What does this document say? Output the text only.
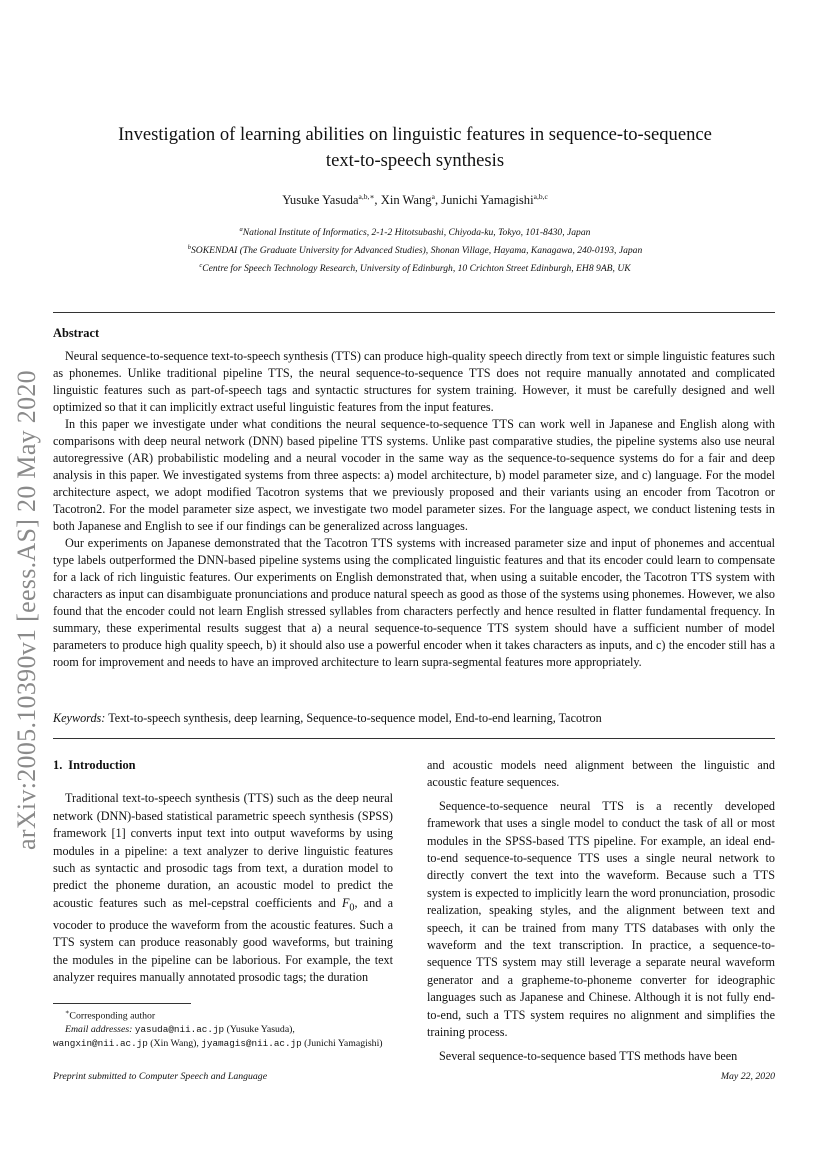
arXiv:2005.10390v1 [eess.AS] 20 May 2020
Investigation of learning abilities on linguistic features in sequence-to-sequence
text-to-speech synthesis
Yusuke Yasuda$^{a,b,∗}$, Xin Wang$^a$, Junichi Yamagishi$^{a,b,c}$
$^a$National Institute of Informatics, 2-1-2 Hitotsubashi, Chiyoda-ku, Tokyo, 101-8430, Japan
$^b$SOKENDAI (The Graduate University for Advanced Studies), Shonan Village, Hayama, Kanagawa, 240-0193, Japan
$^c$Centre for Speech Technology Research, University of Edinburgh, 10 Crichton Street Edinburgh, EH8 9AB, UK
Abstract

Neural sequence-to-sequence text-to-speech synthesis (TTS) can produce high-quality speech directly from text or simple linguistic features such as phonemes. Unlike traditional pipeline TTS, the neural sequence-to-sequence TTS does not require manually annotated and complicated linguistic features such as part-of-speech tags and syntactic structures for system training. However, it must be carefully designed and well optimized so that it can implicitly extract useful linguistic features from the input features.

In this paper we investigate under what conditions the neural sequence-to-sequence TTS can work well in Japanese and English along with comparisons with deep neural network (DNN) based pipeline TTS systems. Unlike past comparative studies, the pipeline systems also use neural autoregressive (AR) probabilistic modeling and a neural vocoder in the same way as the sequence-to-sequence systems do for a fair and deep analysis in this paper. We investigated systems from three aspects: a) model architecture, b) model parameter size, and c) language. For the model architecture aspect, we adopt modified Tacotron systems that we previously proposed and their variants using an encoder from Tacotron or Tacotron2. For the model parameter size aspect, we investigate two model parameter sizes. For the language aspect, we conduct listening tests in both Japanese and English to see if our findings can be generalized across languages.

Our experiments on Japanese demonstrated that the Tacotron TTS systems with increased parameter size and input of phonemes and accentual type labels outperformed the DNN-based pipeline systems using the complicated linguistic features and that its encoder could learn to compensate for a lack of rich linguistic features. Our experiments on English demonstrated that, when using a suitable encoder, the Tacotron TTS system with characters as input can disambiguate pronunciations and produce natural speech as good as those of the systems using phonemes. However, we also found that the encoder could not learn English stressed syllables from characters perfectly and hence resulted in flatter fundamental frequency. In summary, these experimental results suggest that a) a neural sequence-to-sequence TTS system should have a sufficient number of model parameters to produce high quality speech, b) it should also use a powerful encoder when it takes characters as inputs, and c) the encoder still has a room for improvement and needs to have an improved architecture to learn supra-segmental features more appropriately.

Keywords: Text-to-speech synthesis, deep learning, Sequence-to-sequence model, End-to-end learning, Tacotron
1. Introduction

Traditional text-to-speech synthesis (TTS) such as the deep neural network (DNN)-based statistical parametric speech synthesis (SPSS) framework [1] converts input text into output waveforms by using modules in a pipeline: a text analyzer to derive linguistic features such as syntactic and prosodic tags from text, a duration model to predict the phoneme duration, an acoustic model to predict the acoustic features such as mel-cepstral coefficients and $F_0$, and a vocoder to produce the waveform from the acoustic features. Such a TTS system can produce reasonably good waveforms, but training the modules in the pipeline can be laborious. For example, the text analyzer requires manually annotated prosodic tags; the duration

∗Corresponding author
Email addresses: yasuda@nii.ac.jp (Yusuke Yasuda),
wangxin@nii.ac.jp (Xin Wang), jyamagis@nii.ac.jp (Junichi Yamagishi)

and acoustic models need alignment between the linguistic and acoustic feature sequences.

Sequence-to-sequence neural TTS is a recently developed framework that uses a single model to conduct the task of all or most modules in the SPSS-based TTS pipeline. For example, an ideal end-to-end sequence-to-sequence TTS uses a single neural network to directly convert the text into the waveform. Because such a TTS system is expected to implicitly learn the word pronunciation, prosodic realization, speaking styles, and the alignment between text and speech, it can be trained from many TTS databases with only the waveform and the text transcription. In practice, a sequence-to-sequence TTS system may still leverage a separate neural waveform generator and a grapheme-to-phoneme converter for ideographic languages such as Japanese and Chinese. Although it is not fully end-to-end, such a TTS system requires no alignment and simplifies the training process.

Several sequence-to-sequence based TTS methods have been

Preprint submitted to Computer Speech and Language	May 22, 2020
